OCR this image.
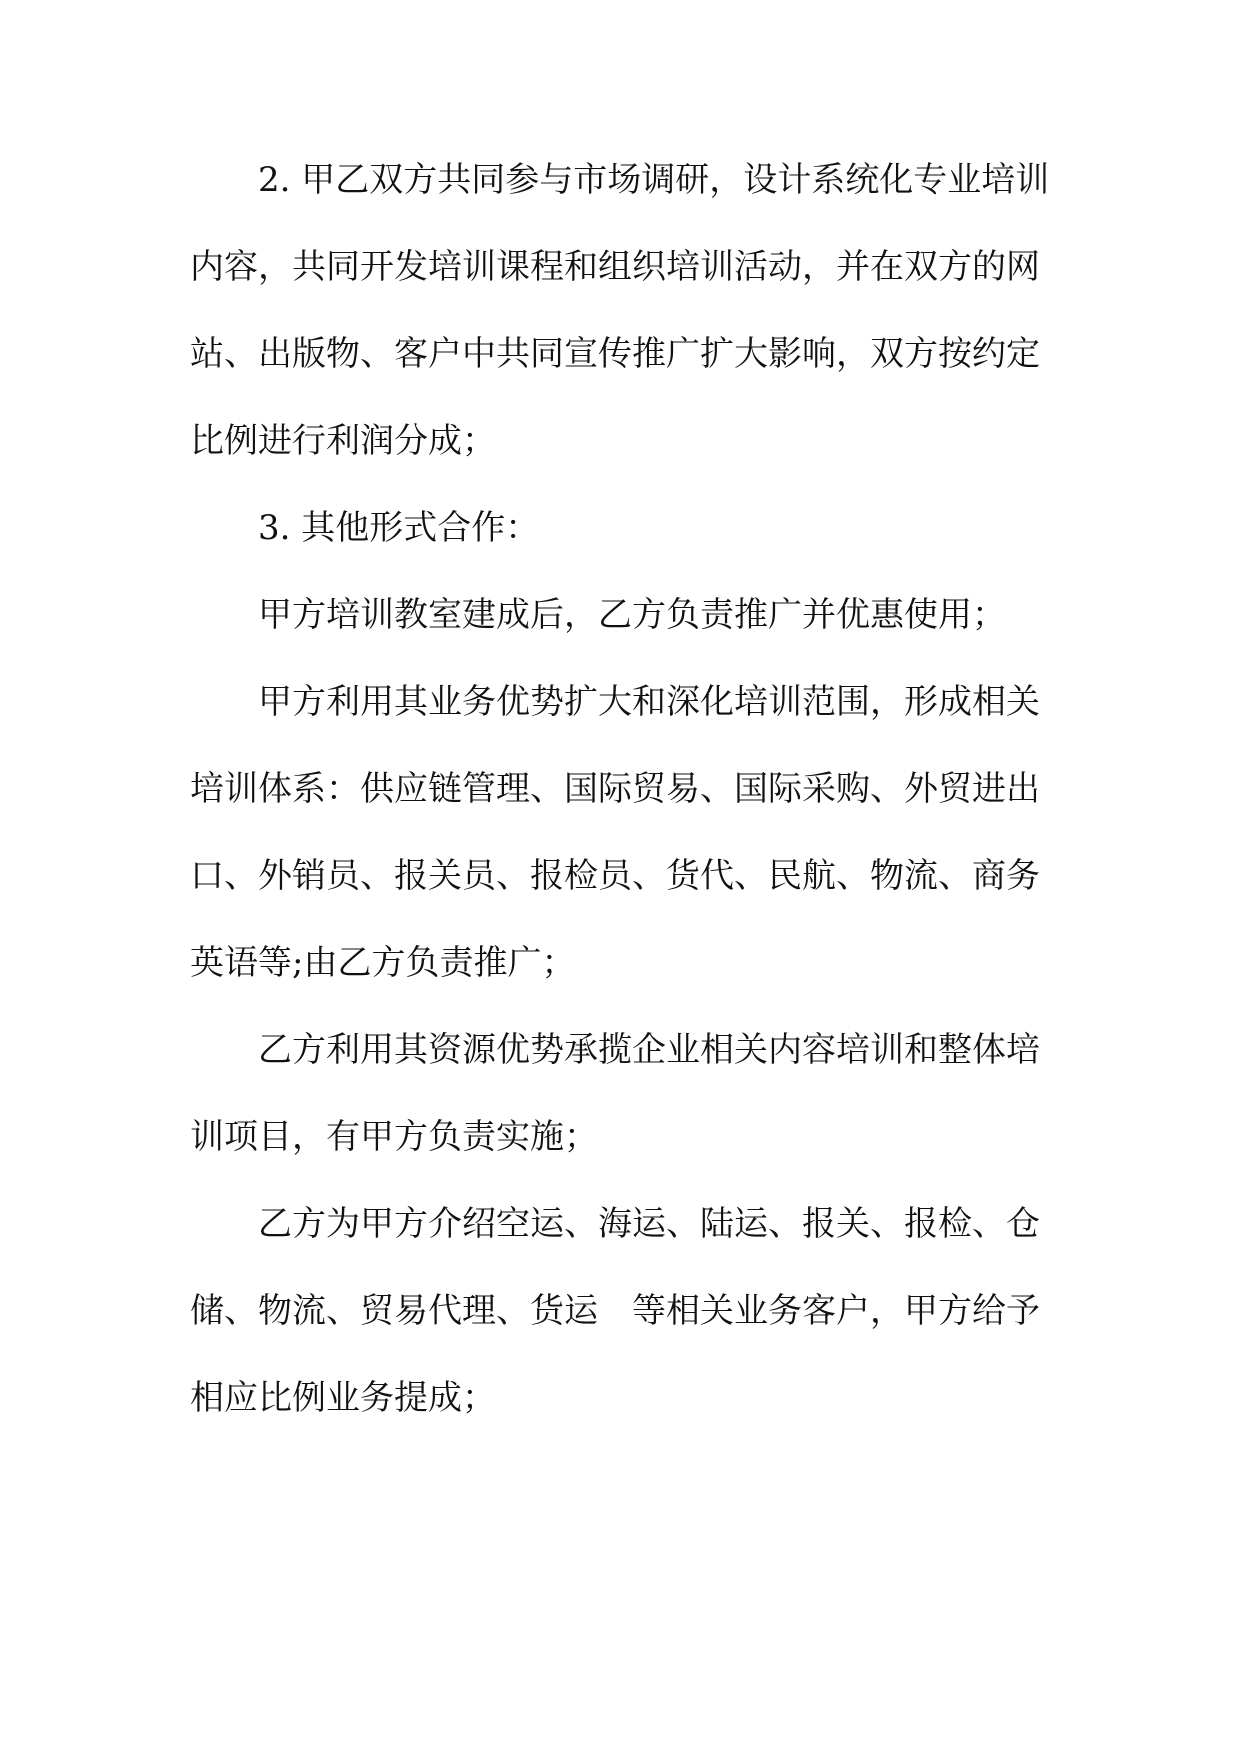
2. 甲乙双方共同参与市场调研，设计系统化专业培训
内容，共同开发培训课程和组织培训活动，并在双方的网
站、出版物、客户中共同宣传推广扩大影响，双方按约定
比例进行利润分成；
3. 其他形式合作：
甲方培训教室建成后，乙方负责推广并优惠使用；
甲方利用其业务优势扩大和深化培训范围，形成相关
培训体系：供应链管理、国际贸易、国际采购、外贸进出
口、外销员、报关员、报检员、货代、民航、物流、商务
英语等;由乙方负责推广；
乙方利用其资源优势承揽企业相关内容培训和整体培
训项目，有甲方负责实施；
乙方为甲方介绍空运、海运、陆运、报关、报检、仓
储、物流、贸易代理、货运　等相关业务客户，甲方给予
相应比例业务提成；
